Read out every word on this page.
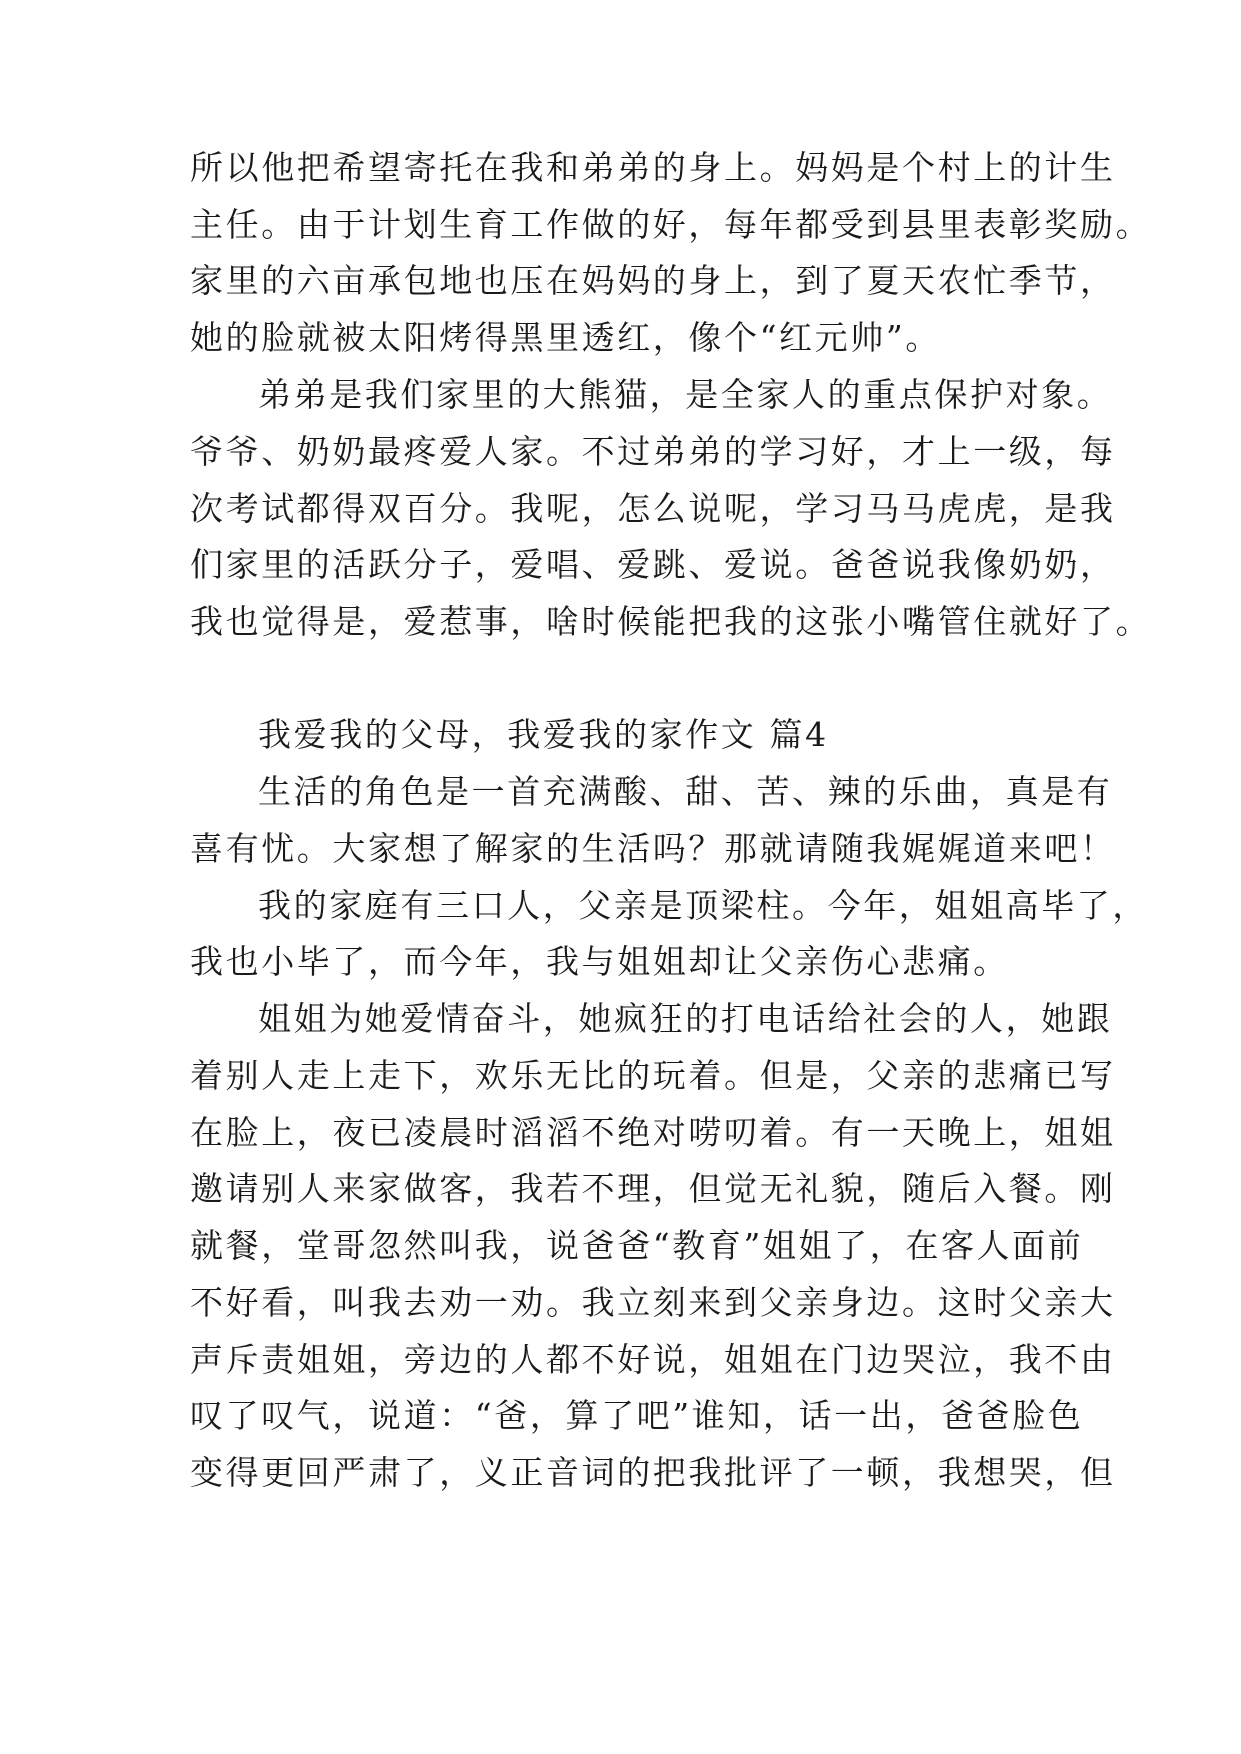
所以他把希望寄托在我和弟弟的身上。妈妈是个村上的计生
主任。由于计划生育工作做的好，每年都受到县里表彰奖励。
家里的六亩承包地也压在妈妈的身上，到了夏天农忙季节，
她的脸就被太阳烤得黑里透红，像个“红元帅”。
弟弟是我们家里的大熊猫，是全家人的重点保护对象。
爷爷、奶奶最疼爱人家。不过弟弟的学习好，才上一级，每
次考试都得双百分。我呢，怎么说呢，学习马马虎虎，是我
们家里的活跃分子，爱唱、爱跳、爱说。爸爸说我像奶奶，
我也觉得是，爱惹事，啥时候能把我的这张小嘴管住就好了。
我爱我的父母，我爱我的家作文 篇4
生活的角色是一首充满酸、甜、苦、辣的乐曲，真是有
喜有忧。大家想了解家的生活吗？那就请随我娓娓道来吧！
我的家庭有三口人，父亲是顶梁柱。今年，姐姐高毕了，
我也小毕了，而今年，我与姐姐却让父亲伤心悲痛。
姐姐为她爱情奋斗，她疯狂的打电话给社会的人，她跟
着别人走上走下，欢乐无比的玩着。但是，父亲的悲痛已写
在脸上，夜已凌晨时滔滔不绝对唠叨着。有一天晚上，姐姐
邀请别人来家做客，我若不理，但觉无礼貌，随后入餐。刚
就餐，堂哥忽然叫我，说爸爸“教育”姐姐了，在客人面前
不好看，叫我去劝一劝。我立刻来到父亲身边。这时父亲大
声斥责姐姐，旁边的人都不好说，姐姐在门边哭泣，我不由
叹了叹气，说道：“爸，算了吧”谁知，话一出，爸爸脸色
变得更回严肃了，义正音词的把我批评了一顿，我想哭，但
